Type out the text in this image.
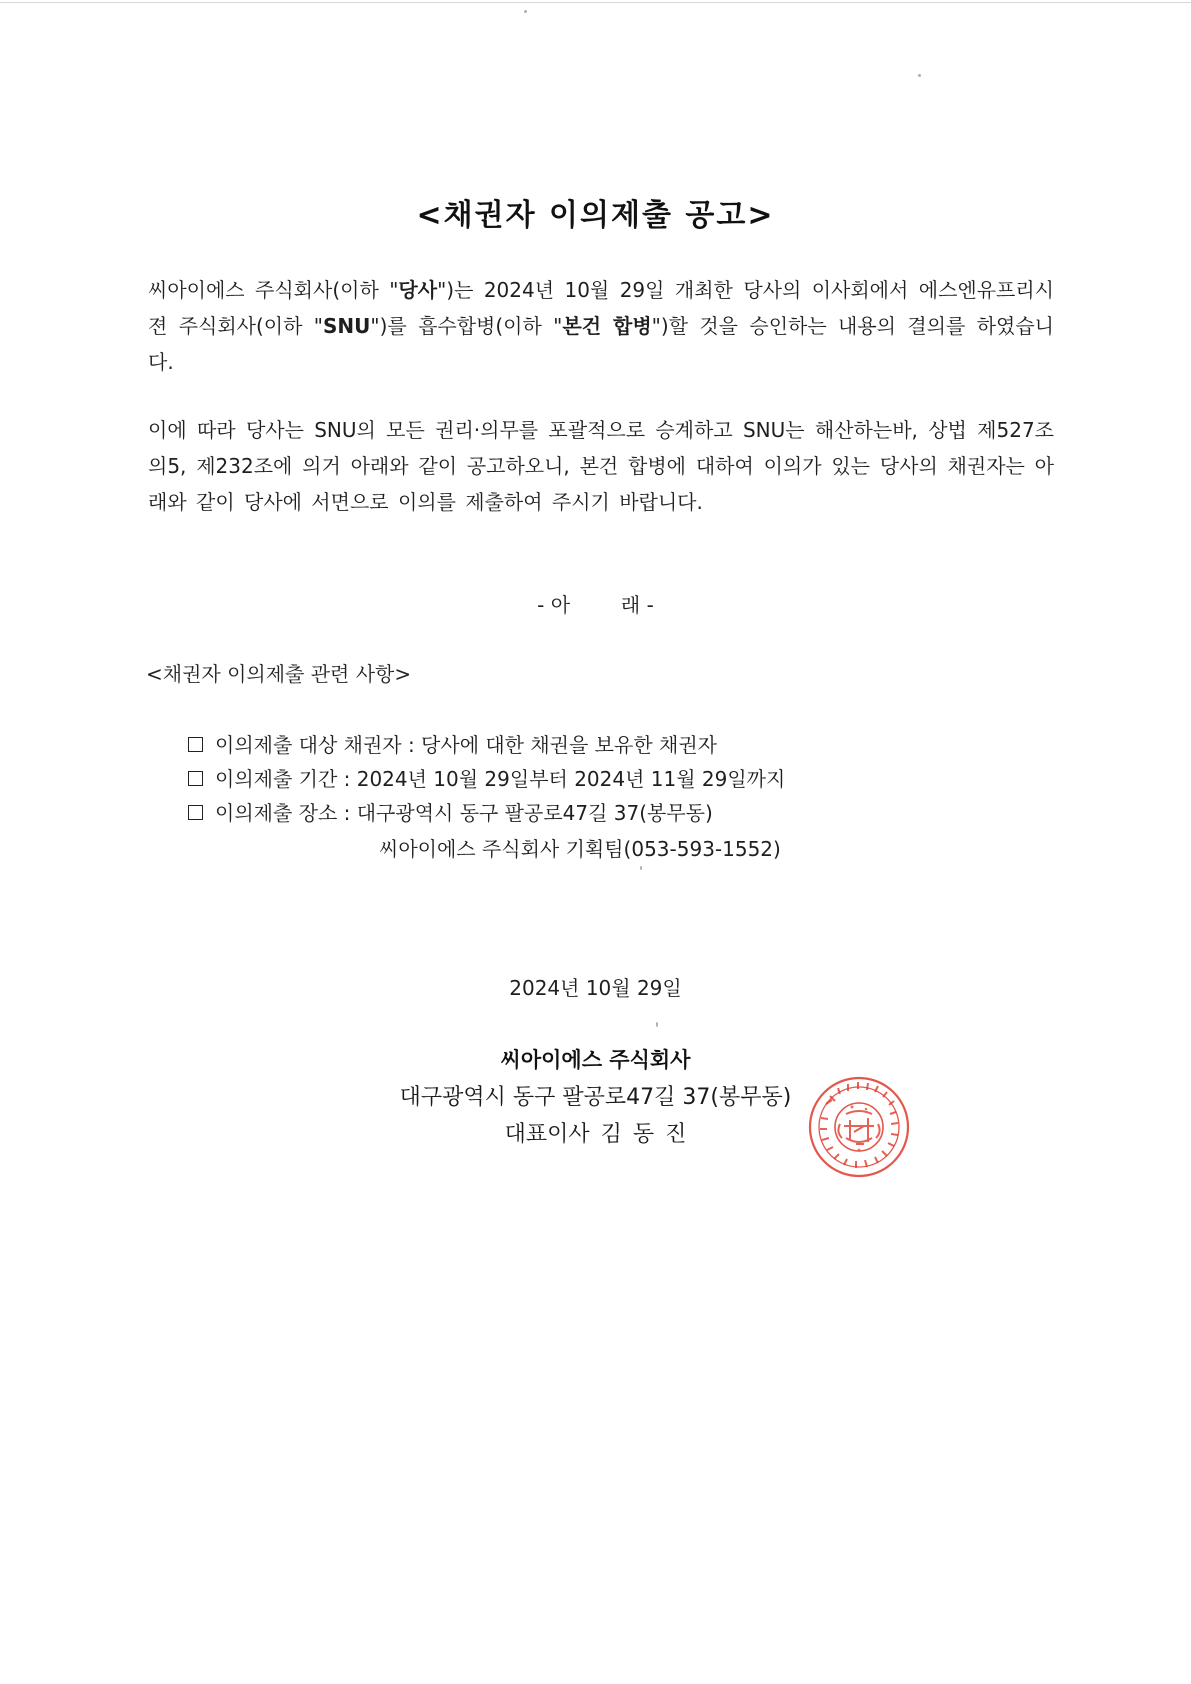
<채권자 이의제출 공고>
씨아이에스 주식회사(이하 "당사")는 2024년 10월 29일 개최한 당사의 이사회에서 에스엔유프리시젼 주식회사(이하 "SNU")를 흡수합병(이하 "본건 합병")할 것을 승인하는 내용의 결의를 하였습니다.
이에 따라 당사는 SNU의 모든 권리·의무를 포괄적으로 승계하고 SNU는 해산하는바, 상법 제527조의5, 제232조에 의거 아래와 같이 공고하오니, 본건 합병에 대하여 이의가 있는 당사의 채권자는 아래와 같이 당사에 서면으로 이의를 제출하여 주시기 바랍니다.
- 아        래 -
<채권자 이의제출 관련 사항>
이의제출 대상 채권자 : 당사에 대한 채권을 보유한 채권자
이의제출 기간 : 2024년 10월 29일부터 2024년 11월 29일까지
이의제출 장소 : 대구광역시 동구 팔공로47길 37(봉무동)
씨아이에스 주식회사 기획팀(053-593-1552)
2024년 10월 29일
씨아이에스 주식회사
대구광역시 동구 팔공로47길 37(봉무동)
대표이사 김 동 진
